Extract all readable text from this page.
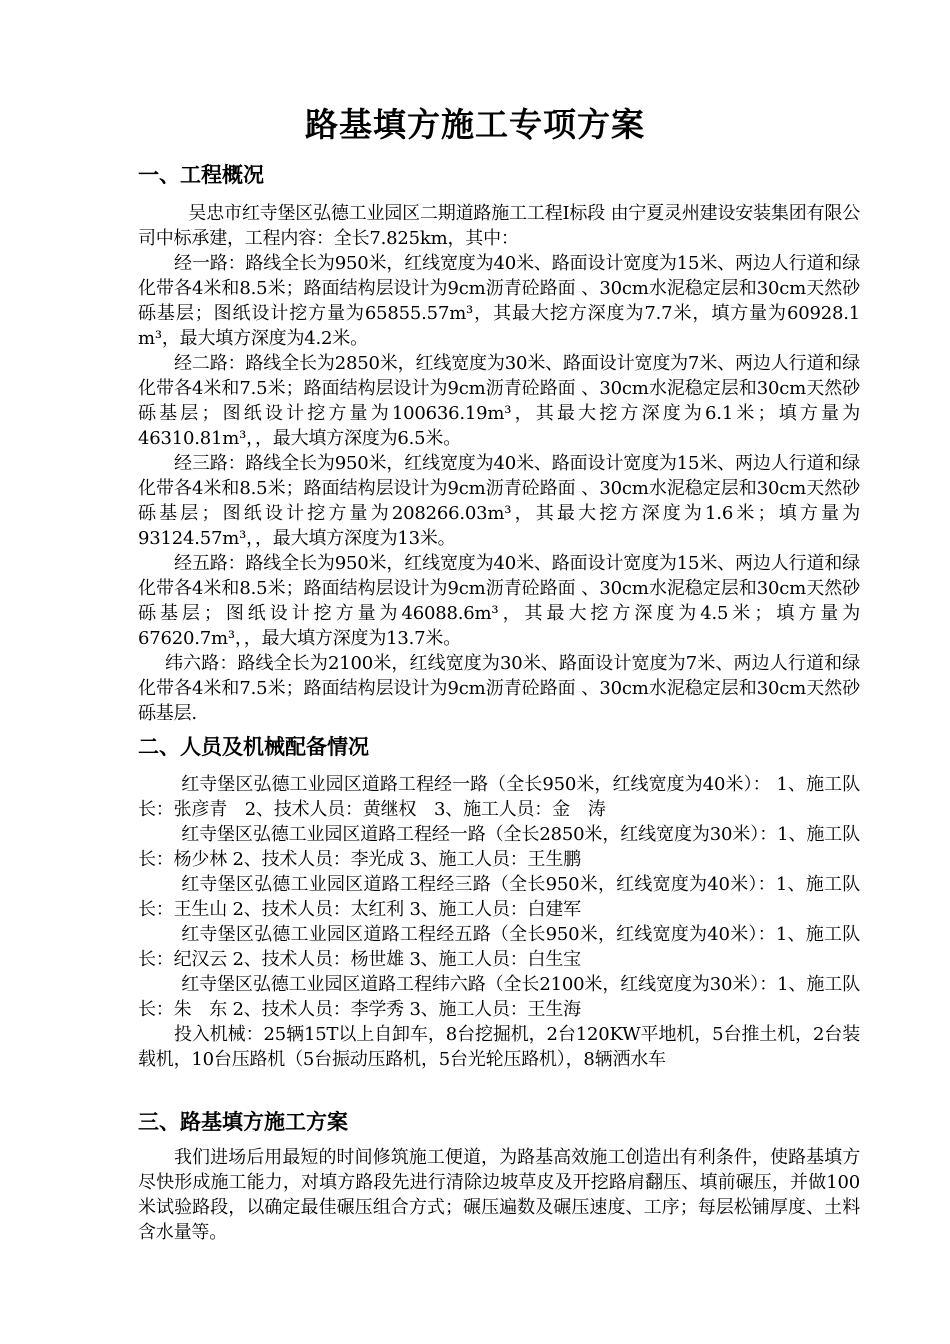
路基填方施工专项方案
一、工程概况

吴忠市红寺堡区弘德工业园区二期道路施工工程Ⅰ标段 由宁夏灵州建设安装集团有限公司中标承建，工程内容：全长7.825km，其中：

经一路：路线全长为950米，红线宽度为40米、路面设计宽度为15米、两边人行道和绿化带各4米和8.5米；路面结构层设计为9cm沥青砼路面 、30cm水泥稳定层和30cm天然砂砾基层；图纸设计挖方量为65855.57m³，其最大挖方深度为7.7米，填方量为60928.1 m³，最大填方深度为4.2米。

经二路：路线全长为2850米，红线宽度为30米、路面设计宽度为7米、两边人行道和绿化带各4米和7.5米；路面结构层设计为9cm沥青砼路面 、30cm水泥稳定层和30cm天然砂砾基层；图纸设计挖方量为100636.19m³，其最大挖方深度为6.1米；填方量为46310.81m³，，最大填方深度为6.5米。

经三路：路线全长为950米，红线宽度为40米、路面设计宽度为15米、两边人行道和绿化带各4米和8.5米；路面结构层设计为9cm沥青砼路面 、30cm水泥稳定层和30cm天然砂砾基层；图纸设计挖方量为208266.03m³，其最大挖方深度为1.6米；填方量为93124.57m³，，最大填方深度为13米。

经五路：路线全长为950米，红线宽度为40米、路面设计宽度为15米、两边人行道和绿化带各4米和8.5米；路面结构层设计为9cm沥青砼路面 、30cm水泥稳定层和30cm天然砂砾基层；图纸设计挖方量为46088.6m³，其最大挖方深度为4.5米；填方量为67620.7m³，，最大填方深度为13.7米。

纬六路：路线全长为2100米，红线宽度为30米、路面设计宽度为7米、两边人行道和绿化带各4米和7.5米；路面结构层设计为9cm沥青砼路面 、30cm水泥稳定层和30cm天然砂砾基层.

二、人员及机械配备情况

红寺堡区弘德工业园区道路工程经一路（全长950米，红线宽度为40米）： 1、施工队长：张彦青　2、技术人员：黄继权　3、施工人员：金　涛

红寺堡区弘德工业园区道路工程经一路（全长2850米，红线宽度为30米）：1、施工队长：杨少林 2、技术人员：李光成 3、施工人员：王生鹏

红寺堡区弘德工业园区道路工程经三路（全长950米，红线宽度为40米）：1、施工队长：王生山 2、技术人员：太红利 3、施工人员：白建军

红寺堡区弘德工业园区道路工程经五路（全长950米，红线宽度为40米）：1、施工队长：纪汉云 2、技术人员：杨世雄 3、施工人员：白生宝

红寺堡区弘德工业园区道路工程纬六路（全长2100米，红线宽度为30米）：1、施工队长：朱　东 2、技术人员：李学秀 3、施工人员：王生海

投入机械：25辆15T以上自卸车，8台挖掘机，2台120KW平地机，5台推土机，2台装载机，10台压路机（5台振动压路机，5台光轮压路机），8辆洒水车

三、路基填方施工方案

我们进场后用最短的时间修筑施工便道，为路基高效施工创造出有利条件，使路基填方尽快形成施工能力，对填方路段先进行清除边坡草皮及开挖路肩翻压、填前碾压，并做100米试验路段，以确定最佳碾压组合方式；碾压遍数及碾压速度、工序；每层松铺厚度、土料含水量等。
